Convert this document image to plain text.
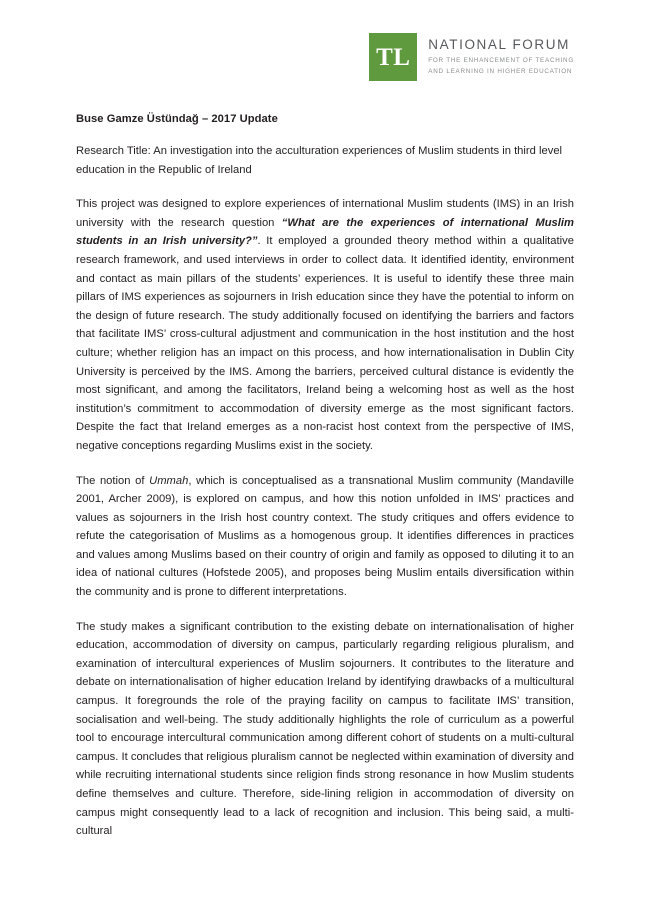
TL	NATIONAL FORUM
FOR THE ENHANCEMENT OF TEACHING
AND LEARNING IN HIGHER EDUCATION
Buse Gamze Üstündağ – 2017 Update

Research Title: An investigation into the acculturation experiences of Muslim students in third level education in the Republic of Ireland

This project was designed to explore experiences of international Muslim students (IMS) in an Irish university with the research question “What are the experiences of international Muslim students in an Irish university?”. It employed a grounded theory method within a qualitative research framework, and used interviews in order to collect data. It identified identity, environment and contact as main pillars of the students’ experiences. It is useful to identify these three main pillars of IMS experiences as sojourners in Irish education since they have the potential to inform on the design of future research. The study additionally focused on identifying the barriers and factors that facilitate IMS’ cross-cultural adjustment and communication in the host institution and the host culture; whether religion has an impact on this process, and how internationalisation in Dublin City University is perceived by the IMS. Among the barriers, perceived cultural distance is evidently the most significant, and among the facilitators, Ireland being a welcoming host as well as the host institution’s commitment to accommodation of diversity emerge as the most significant factors. Despite the fact that Ireland emerges as a non-racist host context from the perspective of IMS, negative conceptions regarding Muslims exist in the society.

The notion of Ummah, which is conceptualised as a transnational Muslim community (Mandaville 2001, Archer 2009), is explored on campus, and how this notion unfolded in IMS’ practices and values as sojourners in the Irish host country context. The study critiques and offers evidence to refute the categorisation of Muslims as a homogenous group. It identifies differences in practices and values among Muslims based on their country of origin and family as opposed to diluting it to an idea of national cultures (Hofstede 2005), and proposes being Muslim entails diversification within the community and is prone to different interpretations.

The study makes a significant contribution to the existing debate on internationalisation of higher education, accommodation of diversity on campus, particularly regarding religious pluralism, and examination of intercultural experiences of Muslim sojourners. It contributes to the literature and debate on internationalisation of higher education Ireland by identifying drawbacks of a multicultural campus. It foregrounds the role of the praying facility on campus to facilitate IMS’ transition, socialisation and well-being. The study additionally highlights the role of curriculum as a powerful tool to encourage intercultural communication among different cohort of students on a multi-cultural campus. It concludes that religious pluralism cannot be neglected within examination of diversity and while recruiting international students since religion finds strong resonance in how Muslim students define themselves and culture. Therefore, side-lining religion in accommodation of diversity on campus might consequently lead to a lack of recognition and inclusion. This being said, a multi-cultural
